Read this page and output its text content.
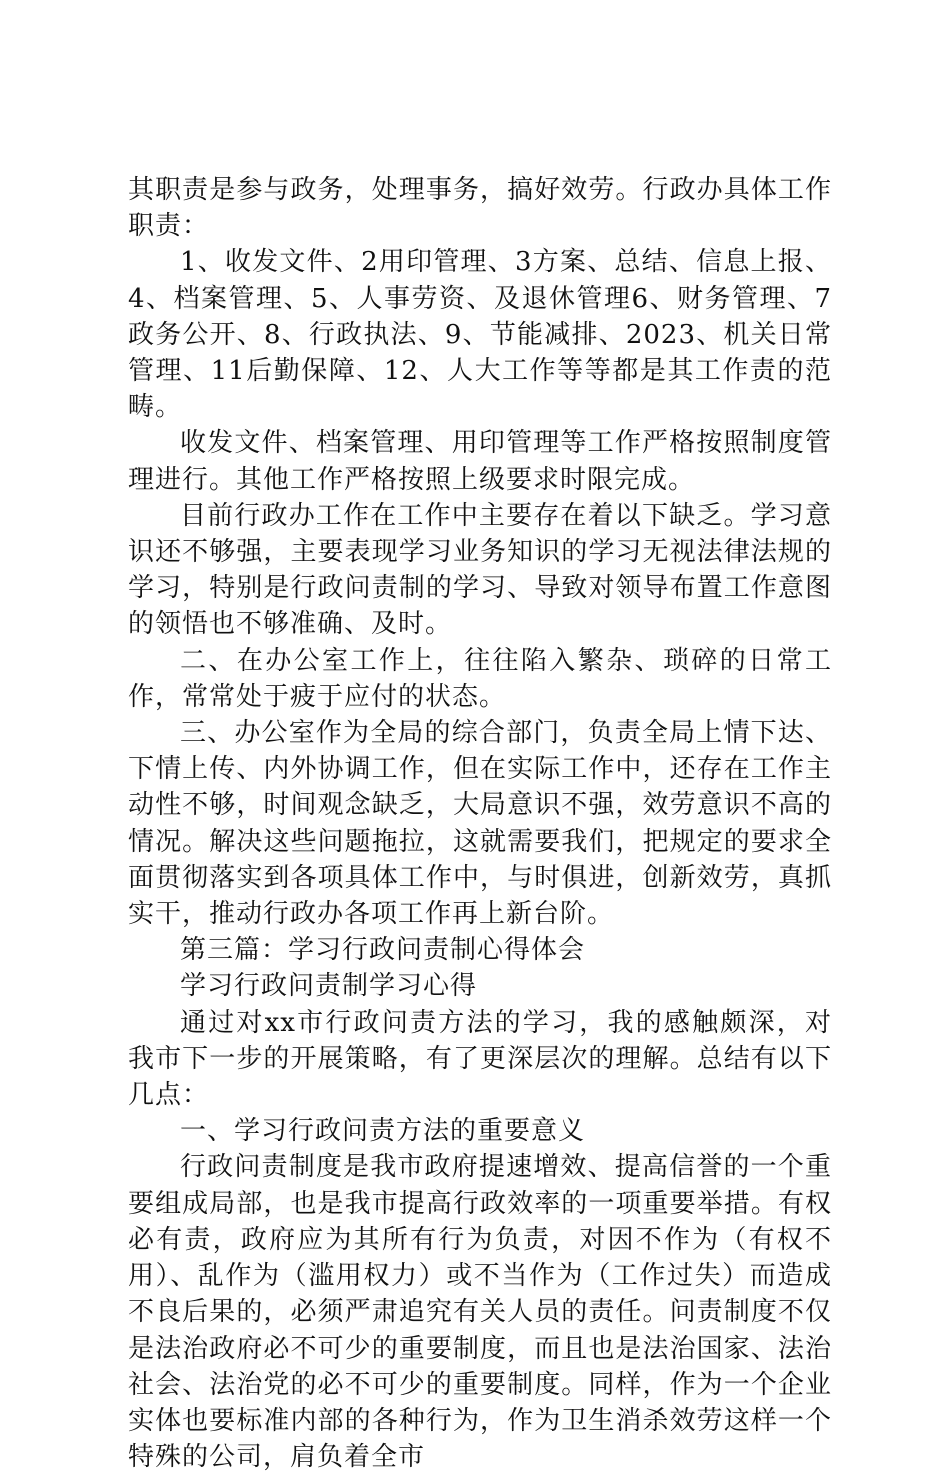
其职责是参与政务，处理事务，搞好效劳。行政办具体工作职责：

1、收发文件、2用印管理、3方案、总结、信息上报、4、档案管理、5、人事劳资、及退休管理6、财务管理、7政务公开、8、行政执法、9、节能减排、2023、机关日常管理、11后勤保障、12、人大工作等等都是其工作责的范畴。

收发文件、档案管理、用印管理等工作严格按照制度管理进行。其他工作严格按照上级要求时限完成。

目前行政办工作在工作中主要存在着以下缺乏。学习意识还不够强，主要表现学习业务知识的学习无视法律法规的学习，特别是行政问责制的学习、导致对领导布置工作意图的领悟也不够准确、及时。

二、在办公室工作上，往往陷入繁杂、琐碎的日常工作，常常处于疲于应付的状态。

三、办公室作为全局的综合部门，负责全局上情下达、下情上传、内外协调工作，但在实际工作中，还存在工作主动性不够，时间观念缺乏，大局意识不强，效劳意识不高的情况。解决这些问题拖拉，这就需要我们，把规定的要求全面贯彻落实到各项具体工作中，与时俱进，创新效劳，真抓实干，推动行政办各项工作再上新台阶。

第三篇：学习行政问责制心得体会

学习行政问责制学习心得

通过对xx市行政问责方法的学习，我的感触颇深，对我市下一步的开展策略，有了更深层次的理解。总结有以下几点：

一、学习行政问责方法的重要意义

行政问责制度是我市政府提速增效、提高信誉的一个重要组成局部，也是我市提高行政效率的一项重要举措。有权必有责，政府应为其所有行为负责，对因不作为（有权不用）、乱作为（滥用权力）或不当作为（工作过失）而造成不良后果的，必须严肃追究有关人员的责任。问责制度不仅是法治政府必不可少的重要制度，而且也是法治国家、法治社会、法治党的必不可少的重要制度。同样，作为一个企业实体也要标准内部的各种行为，作为卫生消杀效劳这样一个特殊的公司，肩负着全市
